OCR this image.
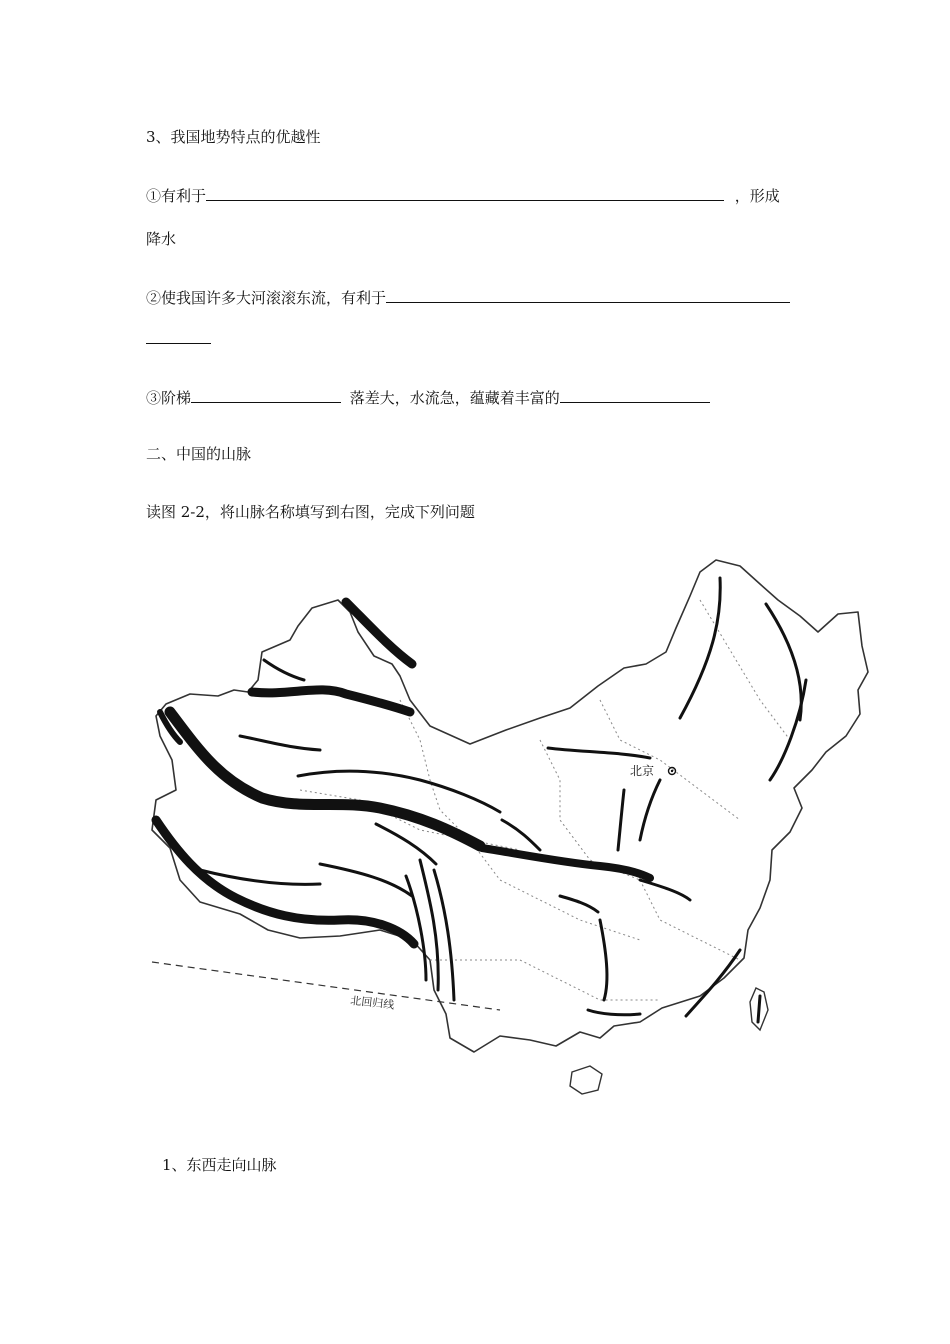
3、我国地势特点的优越性
①有利于	，形成
降水
②使我国许多大河滚滚东流，有利于
③阶梯	落差大，水流急，蕴藏着丰富的
二、中国的山脉
读图 2-2，将山脉名称填写到右图，完成下列问题
北回归线
北京
1、东西走向山脉
